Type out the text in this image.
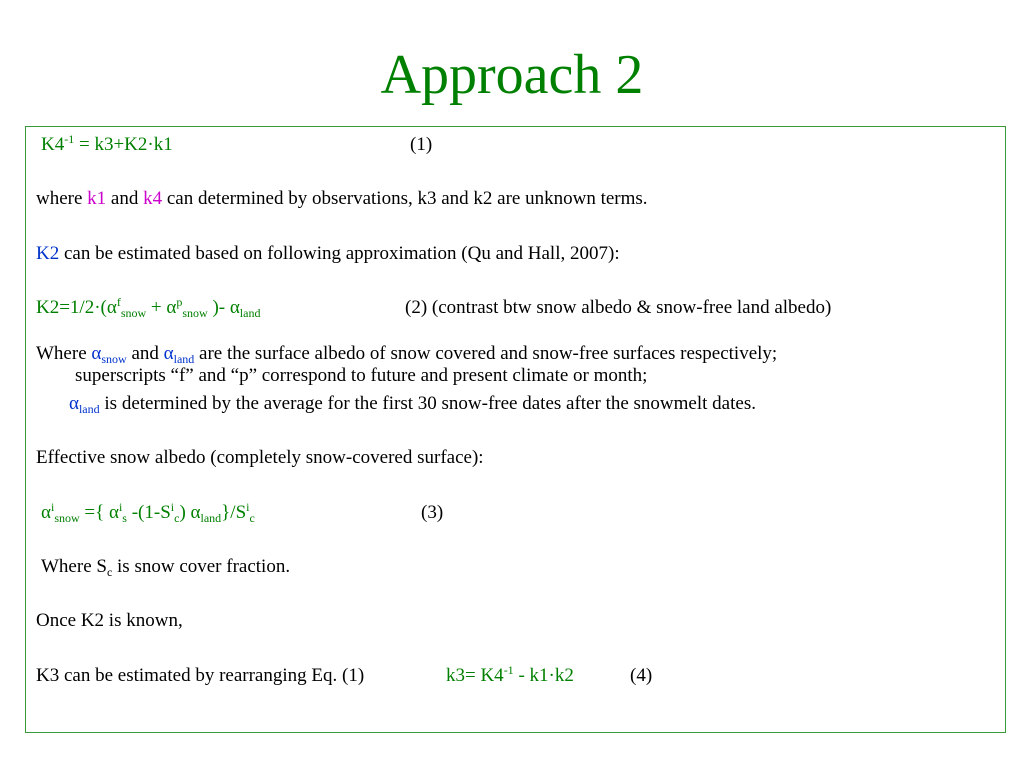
Approach 2
$K4^{-1} = k3+K2\cdot k1$	(1)
where k1 and k4 can determined by observations, k3 and k2 are unknown terms.
K2 can be estimated based on following approximation (Qu and Hall, 2007):
$K2=1/2\cdot(\alpha^f_{snow} + \alpha^p_{snow}$ )- $\alpha_{land}$	(2) (contrast btw snow albedo & snow-free land albedo)
Where $\alpha_{snow}$ and $\alpha_{land}$ are the surface albedo of snow covered and snow-free surfaces respectively;
superscripts “f” and “p” correspond to future and present climate or month;
$\alpha_{land}$ is determined by the average for the first 30 snow-free dates after the snowmelt dates.
Effective snow albedo (completely snow-covered surface):
$\alpha^i_{snow}$ ={ $\alpha^i_s$ $-(1-S^i_c)$ $\alpha_{land}\}/S^i_c$	(3)
Where $S_c$ is snow cover fraction.
Once K2 is known,
K3 can be estimated by rearranging Eq. (1)	$k3= K4^{-1} - k1\cdot k2$	(4)
